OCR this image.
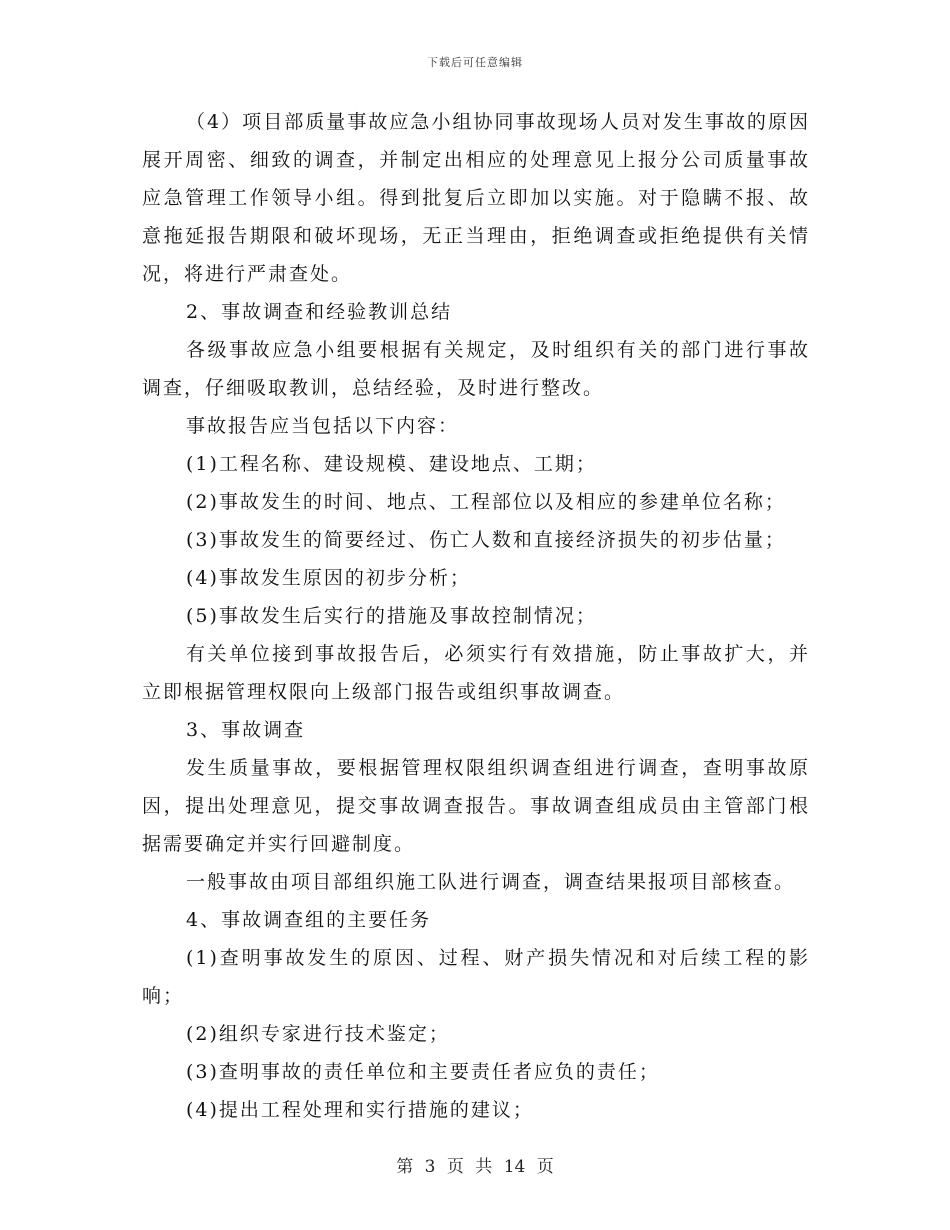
下载后可任意编辑

（4）项目部质量事故应急小组协同事故现场人员对发生事故的原因展开周密、细致的调查，并制定出相应的处理意见上报分公司质量事故应急管理工作领导小组。得到批复后立即加以实施。对于隐瞒不报、故意拖延报告期限和破坏现场，无正当理由，拒绝调查或拒绝提供有关情况，将进行严肃查处。

2、事故调查和经验教训总结

各级事故应急小组要根据有关规定，及时组织有关的部门进行事故调查，仔细吸取教训，总结经验，及时进行整改。

事故报告应当包括以下内容：

(1)工程名称、建设规模、建设地点、工期；

(2)事故发生的时间、地点、工程部位以及相应的参建单位名称；

(3)事故发生的简要经过、伤亡人数和直接经济损失的初步估量；

(4)事故发生原因的初步分析；

(5)事故发生后实行的措施及事故控制情况；

有关单位接到事故报告后，必须实行有效措施，防止事故扩大，并立即根据管理权限向上级部门报告或组织事故调查。

3、事故调查

发生质量事故，要根据管理权限组织调查组进行调查，查明事故原因，提出处理意见，提交事故调查报告。事故调查组成员由主管部门根据需要确定并实行回避制度。

一般事故由项目部组织施工队进行调查，调查结果报项目部核查。

4、事故调查组的主要任务

(1)查明事故发生的原因、过程、财产损失情况和对后续工程的影响；

(2)组织专家进行技术鉴定；

(3)查明事故的责任单位和主要责任者应负的责任；

(4)提出工程处理和实行措施的建议；

第 3 页 共 14 页
